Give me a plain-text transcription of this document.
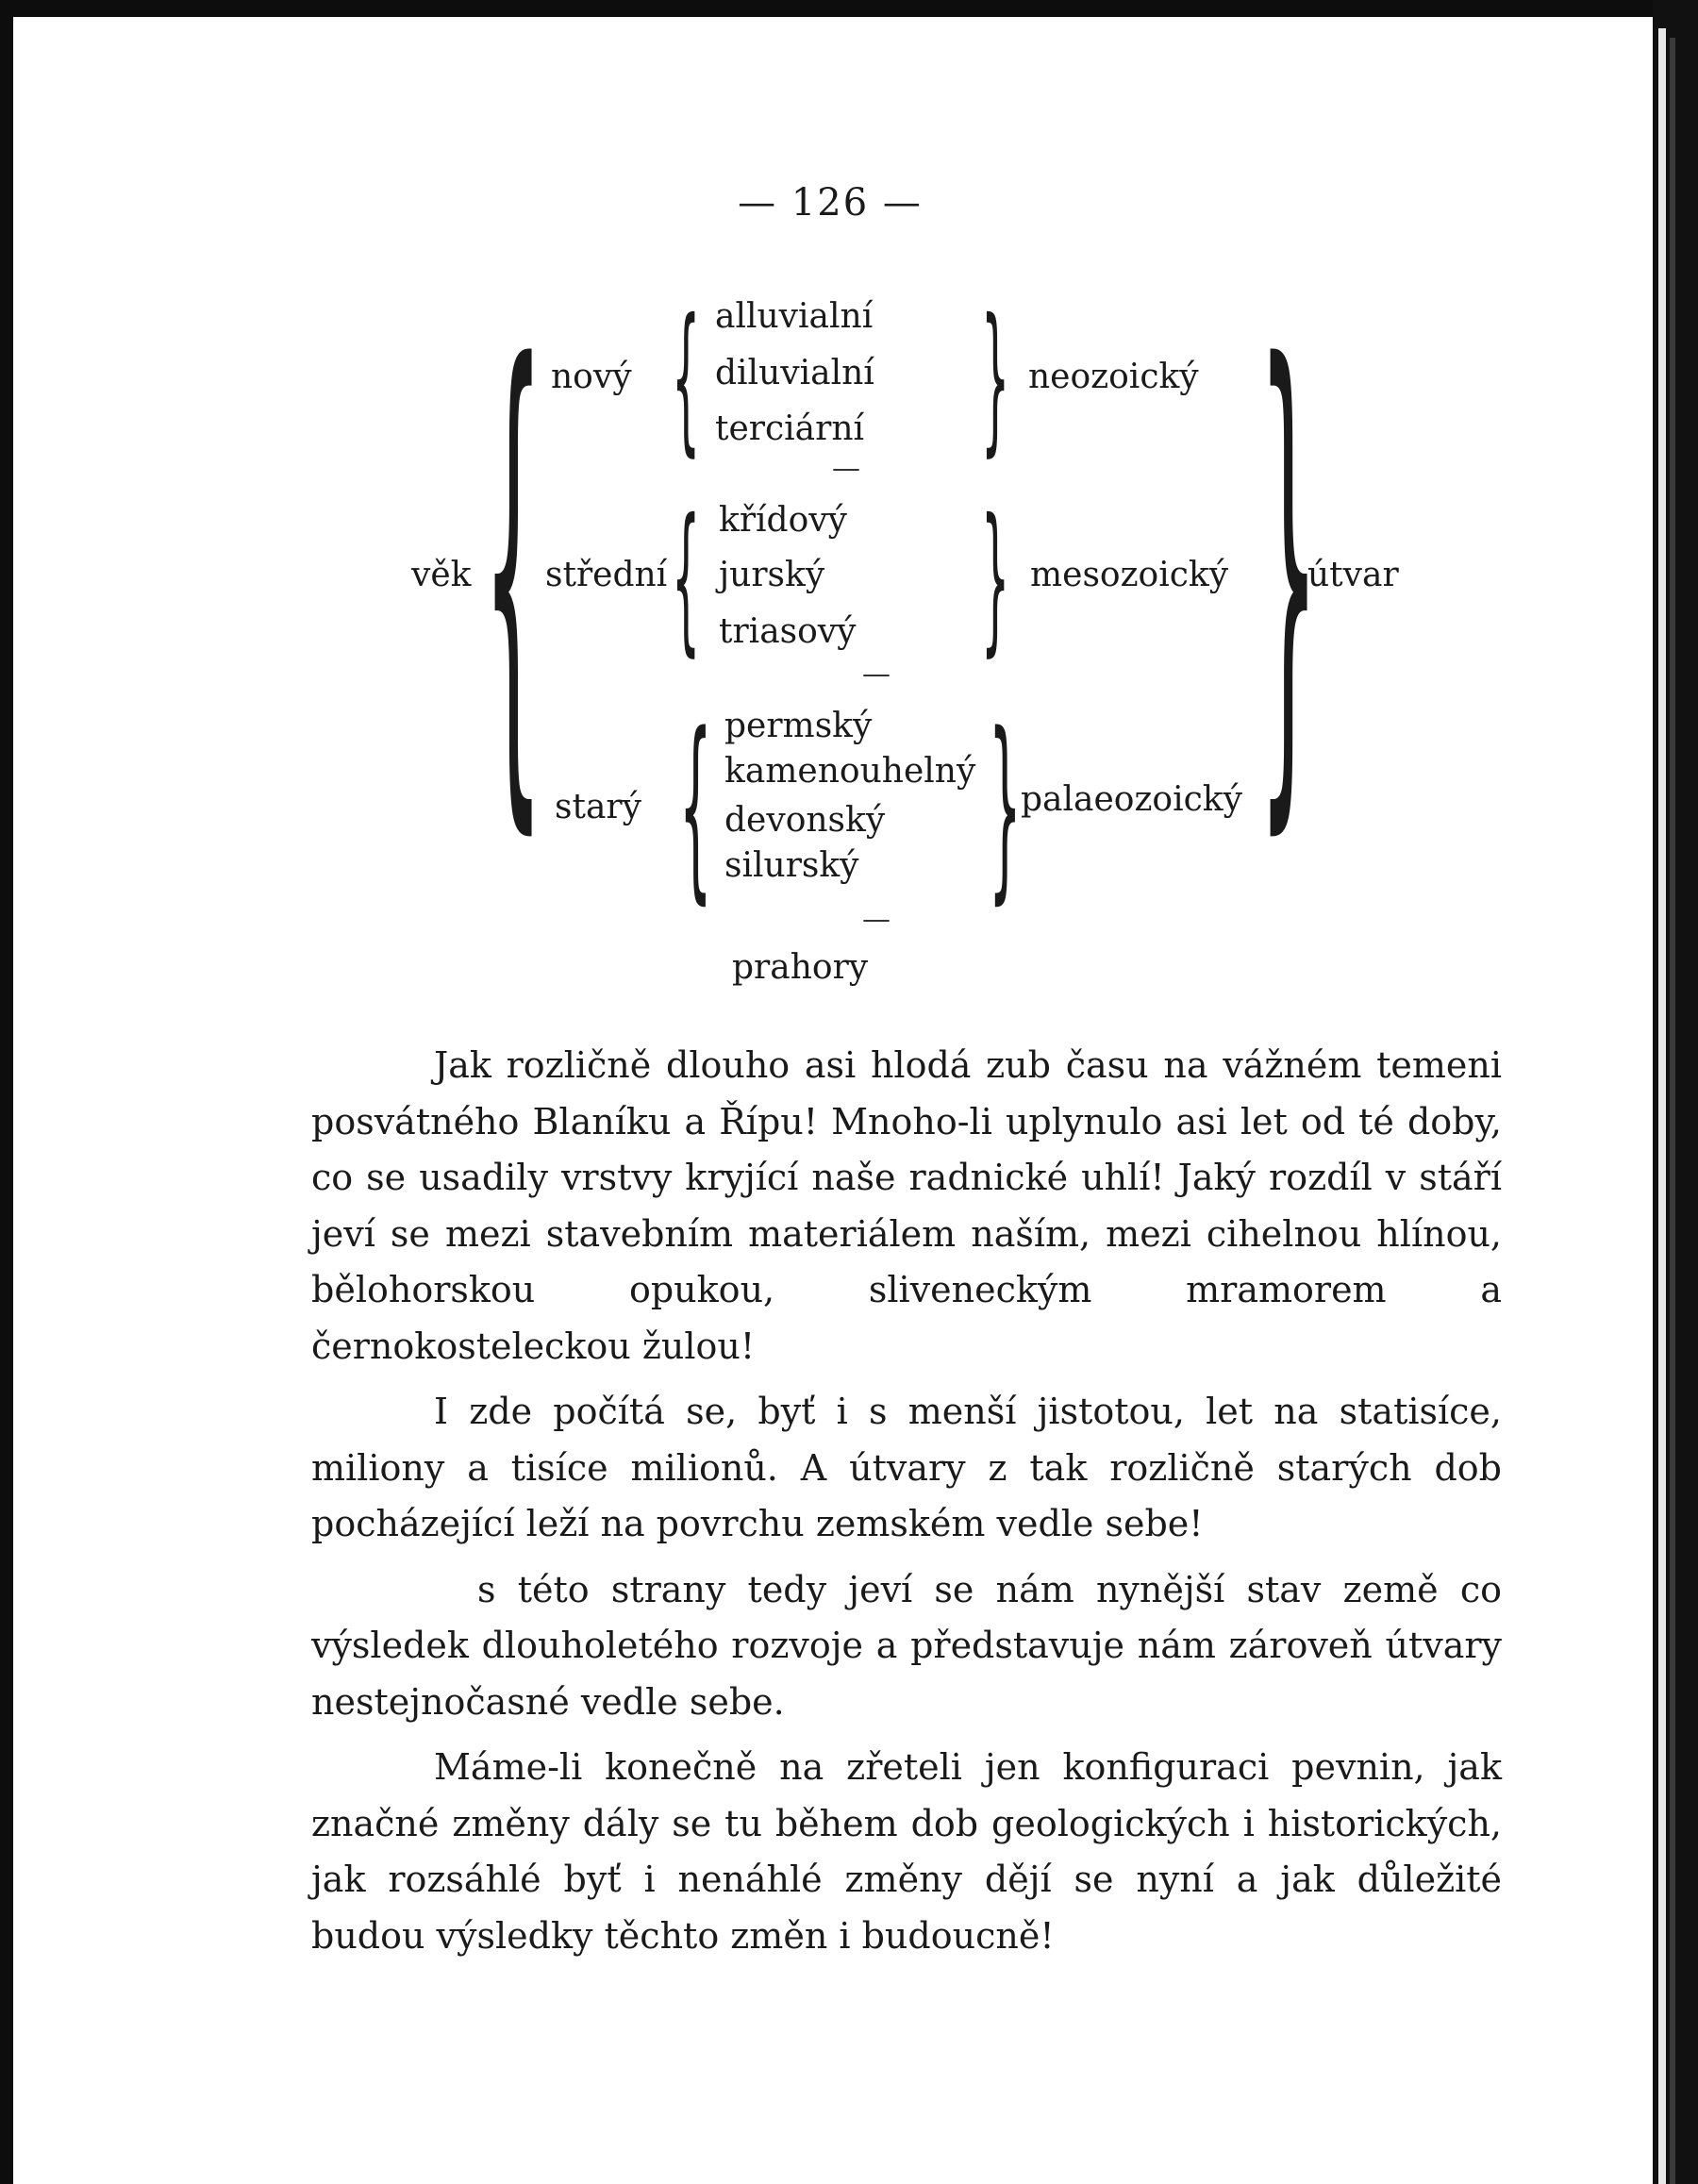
— 126 —
věk { }
útvar
nový { alluvialní
diluvialní
terciární } neozoický
—
střední { křídový
jurský
triasový } mesozoický
—
starý { permský
kamenouhelný
devonský
silurský } palaeozoický
—
prahory

Jak rozličně dlouho asi hlodá zub času na vážném temeni posvátného Blaníku a Řípu! Mnoho-li uplynulo asi let od té doby, co se usadily vrstvy kryjící naše radnické uhlí! Jaký rozdíl v stáří jeví se mezi stavebním materiálem naším, mezi cihelnou hlínou, bělohorskou opukou, sliveneckým mramorem a černokosteleckou žulou!

I zde počítá se, byť i s menší jistotou, let na statisíce, miliony a tisíce milionů. A útvary z tak rozličně starých dob pocházející leží na povrchu zemském vedle sebe!

s této strany tedy jeví se nám nynější stav země co výsledek dlouholetého rozvoje a představuje nám zároveň útvary nestejnočasné vedle sebe.

Máme-li konečně na zřeteli jen konfiguraci pevnin, jak značné změny dály se tu během dob geologických i historických, jak rozsáhlé byť i nenáhlé změny dějí se nyní a jak důležité budou výsledky těchto změn i budoucně!
